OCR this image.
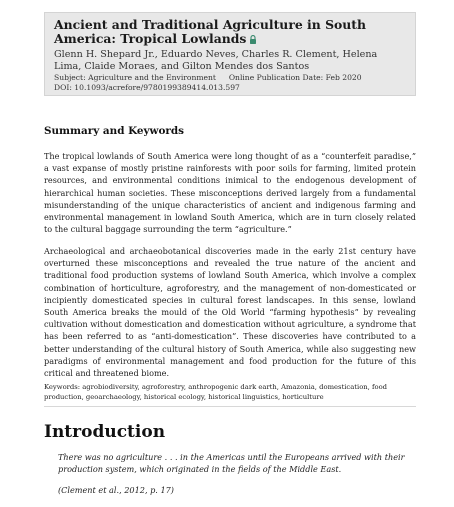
Ancient and Traditional Agriculture in South America: Tropical Lowlands
Glenn H. Shepard Jr., Eduardo Neves, Charles R. Clement, Helena Lima, Claide Moraes, and Gilton Mendes dos Santos
Subject: Agriculture and the Environment Online Publication Date: Feb 2020
DOI: 10.1093/acrefore/9780199389414.013.597
Summary and Keywords

The tropical lowlands of South America were long thought of as a “counterfeit paradise,” a vast expanse of mostly pristine rainforests with poor soils for farming, limited protein resources, and environmental conditions inimical to the endogenous development of hierarchical human societies. These misconceptions derived largely from a fundamental misunderstanding of the unique characteristics of ancient and indigenous farming and environmental management in lowland South America, which are in turn closely related to the cultural baggage surrounding the term “agriculture.”

Archaeological and archaeobotanical discoveries made in the early 21st century have overturned these misconceptions and revealed the true nature of the ancient and traditional food production systems of lowland South America, which involve a complex combination of horticulture, agroforestry, and the management of non-domesticated or incipiently domesticated species in cultural forest landscapes. In this sense, lowland South America breaks the mould of the Old World “farming hypothesis” by revealing cultivation without domestication and domestication without agriculture, a syndrome that has been referred to as “anti-domestication”. These discoveries have contributed to a better understanding of the cultural history of South America, while also suggesting new paradigms of environmental management and food production for the future of this critical and threatened biome.

Keywords: agrobiodiversity, agroforestry, anthropogenic dark earth, Amazonia, domestication, food production, geoarchaeology, historical ecology, historical linguistics, horticulture

Introduction

There was no agriculture . . . in the Americas until the Europeans arrived with their production system, which originated in the fields of the Middle East.

(Clement et al., 2012, p. 17)
